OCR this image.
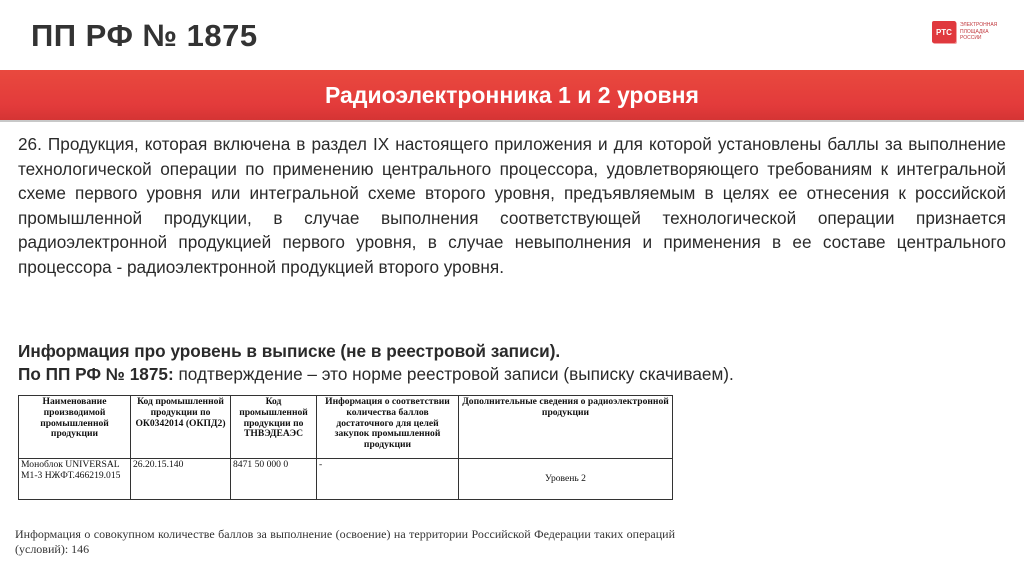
ПП РФ № 1875	РТС
ЭЛЕКТРОННАЯ
ПЛОЩАДКА
РОССИИ
Радиоэлектронника 1 и 2 уровня
26. Продукция, которая включена в раздел IX настоящего приложения и для которой установлены баллы за выполнение технологической операции по применению центрального процессора, удовлетворяющего требованиям к интегральной схеме первого уровня или интегральной схеме второго уровня, предъявляемым в целях ее отнесения к российской промышленной продукции, в случае выполнения соответствующей технологической операции признается радиоэлектронной продукцией первого уровня, в случае невыполнения и применения в ее составе центрального процессора - радиоэлектронной продукцией второго уровня.
Информация про уровень в выписке (не в реестровой записи).
По ПП РФ № 1875: подтверждение – это норме реестровой записи (выписку скачиваем).
Наименование производимой промышленной продукции	Код промышленной продукции по ОК0342014 (ОКПД2)	Код промышленной продукции по ТНВЭДЕАЭС	Информация о соответствии количества баллов достаточного для целей закупок промышленной продукции	Дополнительные сведения о радиоэлектронной продукции
Моноблок UNIVERSAL M1-3 НЖФТ.466219.015	26.20.15.140	8471 50 000 0	-	Уровень 2
Информация о совокупном количестве баллов за выполнение (освоение) на территории Российской Федерации таких операций (условий): 146
